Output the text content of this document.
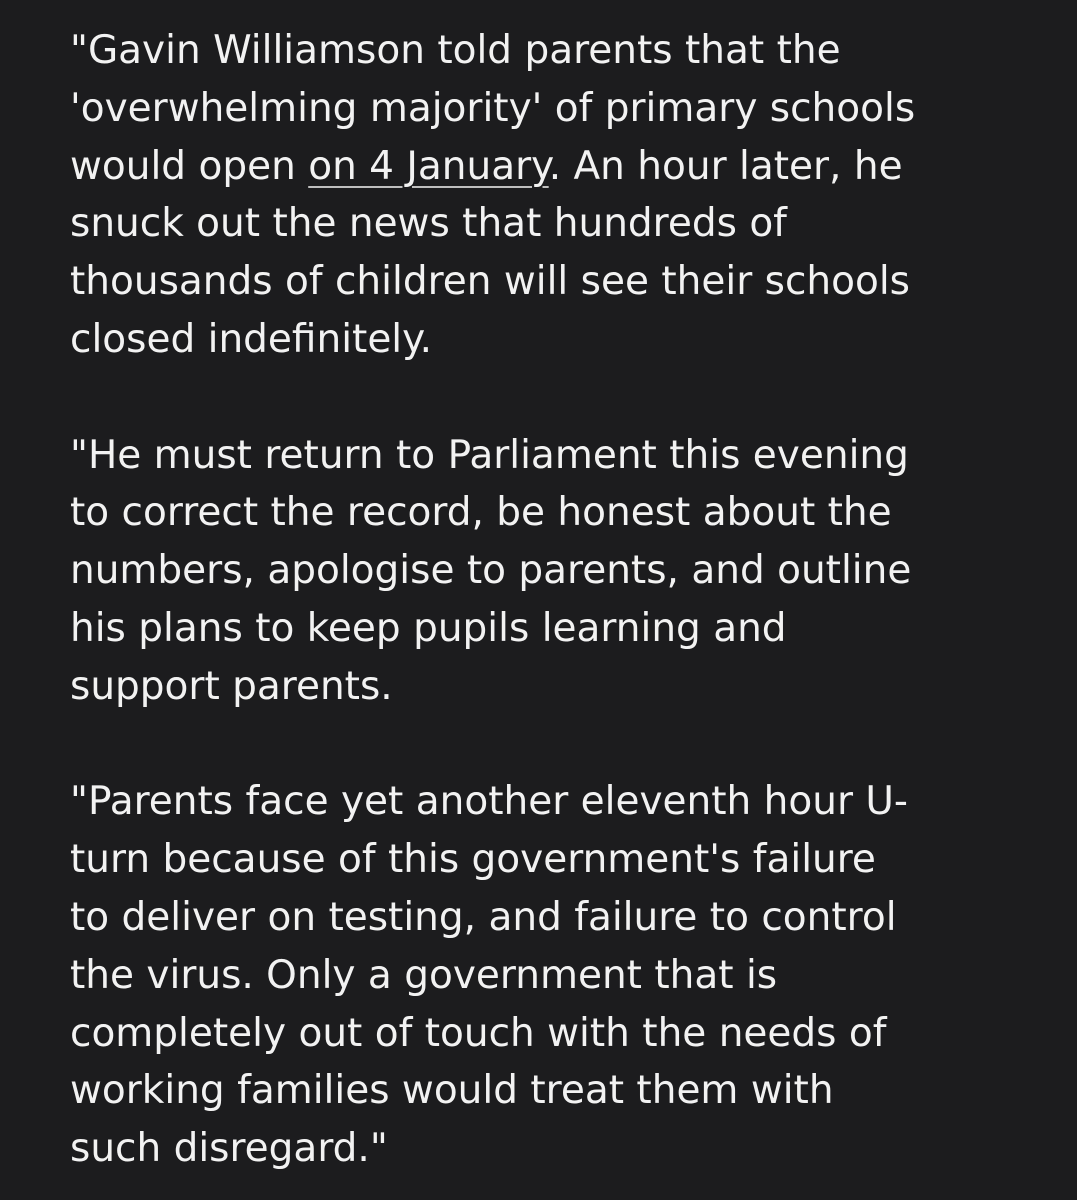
"Gavin Williamson told parents that the
'overwhelming majority' of primary schools
would open on 4 January. An hour later, he
snuck out the news that hundreds of
thousands of children will see their schools
closed indefinitely.

"He must return to Parliament this evening
to correct the record, be honest about the
numbers, apologise to parents, and outline
his plans to keep pupils learning and
support parents.

"Parents face yet another eleventh hour U-
turn because of this government's failure
to deliver on testing, and failure to control
the virus. Only a government that is
completely out of touch with the needs of
working families would treat them with
such disregard."
